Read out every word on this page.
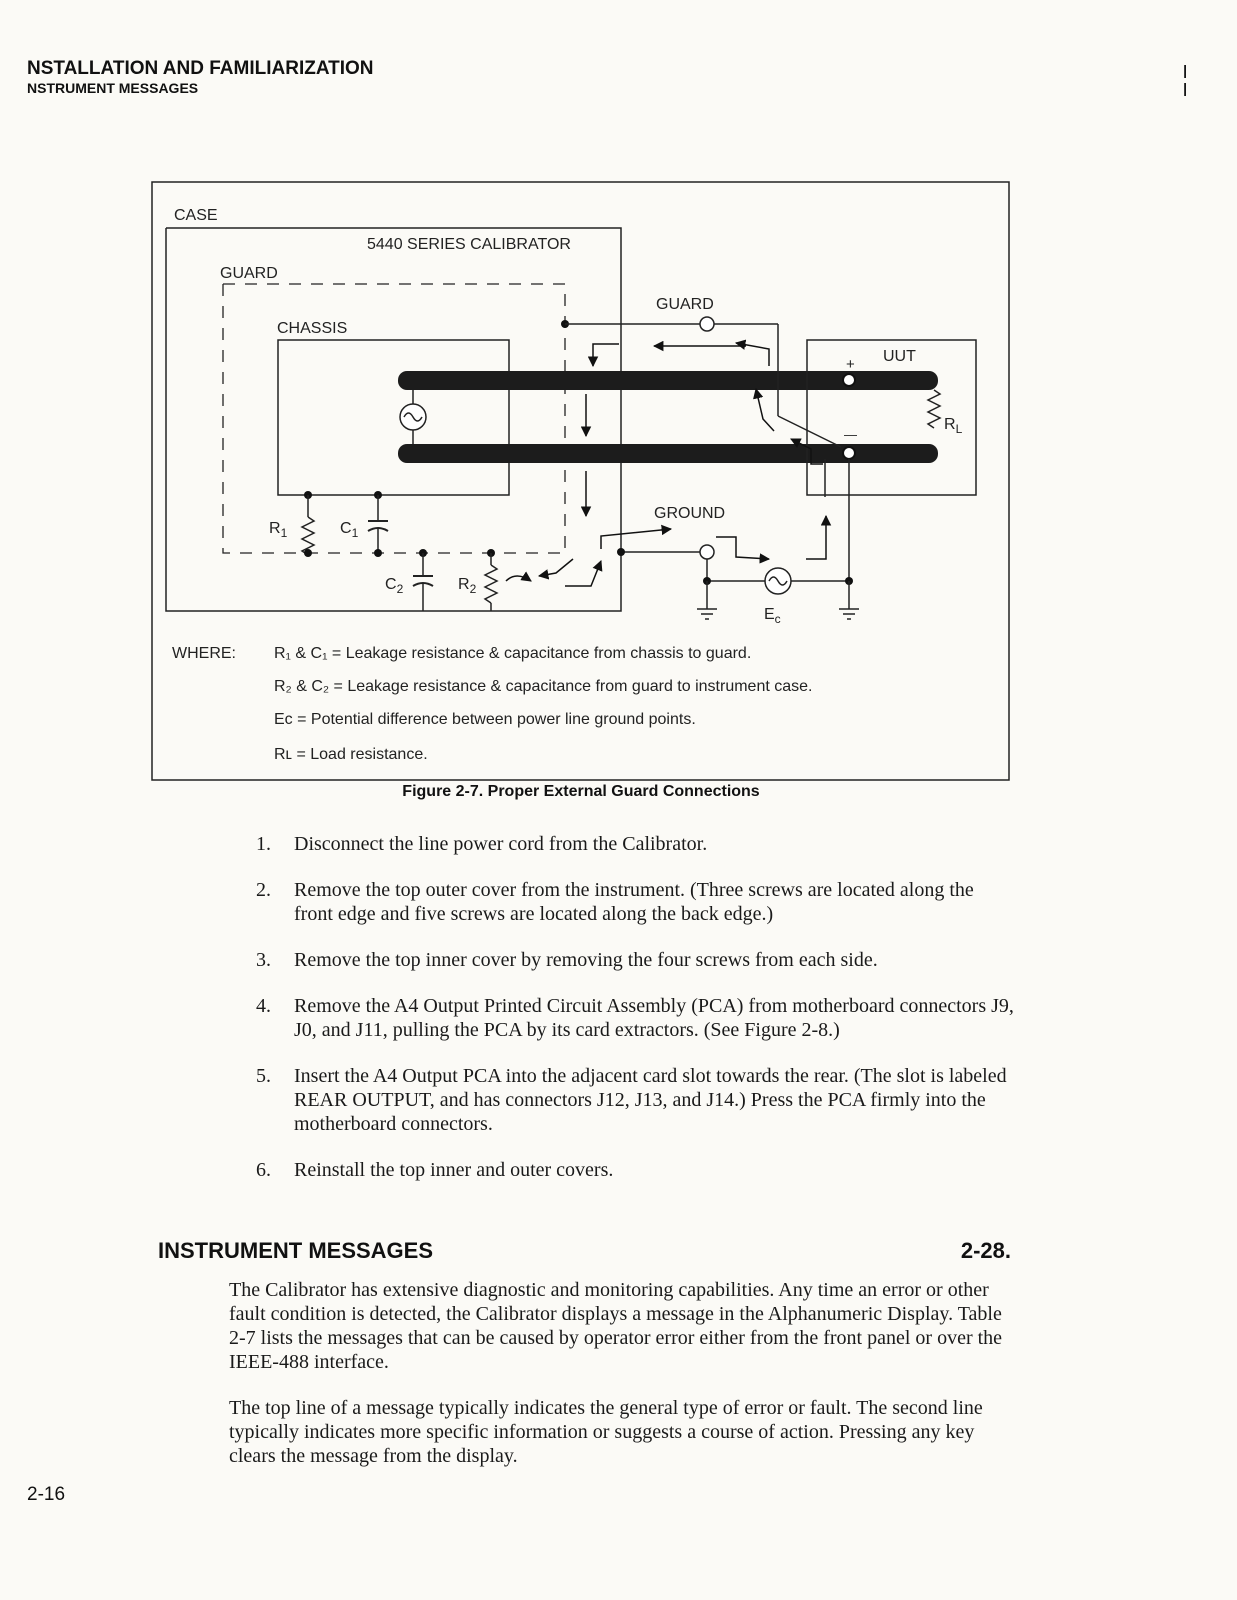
NSTALLATION AND FAMILIARIZATION
NSTRUMENT MESSAGES
|
|
CASE
5440 SERIES CALIBRATOR
GUARD
CHASSIS
GUARD
UUT
+
—
$R_L$
$R_1$	$C_1$
$C_2$	$R_2$
GROUND
$E_c$
WHERE: R₁ & C₁ = Leakage resistance & capacitance from chassis to guard.
R₂ & C₂ = Leakage resistance & capacitance from guard to instrument case.
Eᴄ = Potential difference between power line ground points.
Rʟ = Load resistance.
Figure 2-7. Proper External Guard Connections
1.	Disconnect the line power cord from the Calibrator.
2.	Remove the top outer cover from the instrument. (Three screws are located along the front edge and five screws are located along the back edge.)
3.	Remove the top inner cover by removing the four screws from each side.
4.	Remove the A4 Output Printed Circuit Assembly (PCA) from motherboard connectors J9, J0, and J11, pulling the PCA by its card extractors. (See Figure 2-8.)
5.	Insert the A4 Output PCA into the adjacent card slot towards the rear. (The slot is labeled REAR OUTPUT, and has connectors J12, J13, and J14.) Press the PCA firmly into the motherboard connectors.
6.	Reinstall the top inner and outer covers.
INSTRUMENT MESSAGES	2-28.

The Calibrator has extensive diagnostic and monitoring capabilities. Any time an error or other fault condition is detected, the Calibrator displays a message in the Alphanumeric Display. Table 2-7 lists the messages that can be caused by operator error either from the front panel or over the IEEE-488 interface.

The top line of a message typically indicates the general type of error or fault. The second line typically indicates more specific information or suggests a course of action. Pressing any key clears the message from the display.

2-16
